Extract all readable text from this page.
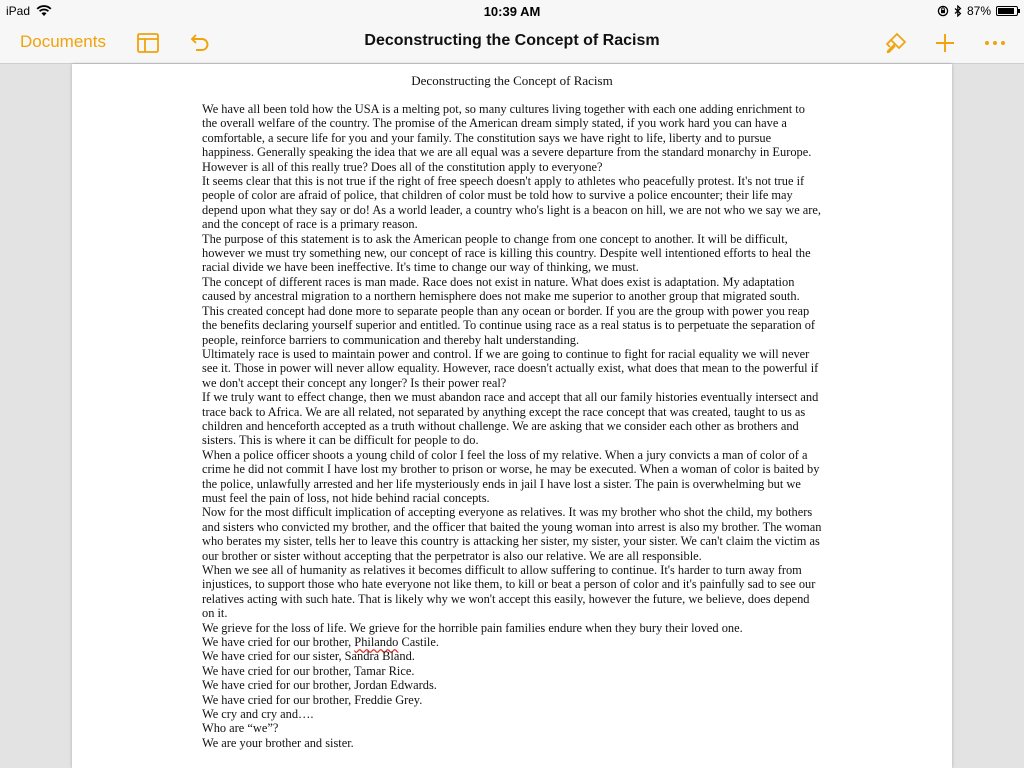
iPad	10:39 AM	87%
Documents	Deconstructing the Concept of Racism
Deconstructing the Concept of Racism

We have all been told how the USA is a melting pot, so many cultures living together with each one adding enrichment to the overall welfare of the country. The promise of the American dream simply stated, if you work hard you can have a comfortable, a secure life for you and your family. The constitution says we have right to life, liberty and to pursue happiness. Generally speaking the idea that we are all equal was a severe departure from the standard monarchy in Europe. However is all of this really true? Does all of the constitution apply to everyone?

It seems clear that this is not true if the right of free speech doesn't apply to athletes who peacefully protest. It's not true if people of color are afraid of police, that children of color must be told how to survive a police encounter; their life may depend upon what they say or do! As a world leader, a country who's light is a beacon on hill, we are not who we say we are, and the concept of race is a primary reason.

The purpose of this statement is to ask the American people to change from one concept to another. It will be difficult, however we must try something new, our concept of race is killing this country. Despite well intentioned efforts to heal the racial divide we have been ineffective. It's time to change our way of thinking, we must.

The concept of different races is man made. Race does not exist in nature. What does exist is adaptation. My adaptation caused by ancestral migration to a northern hemisphere does not make me superior to another group that migrated south. This created concept had done more to separate people than any ocean or border. If you are the group with power you reap the benefits declaring yourself superior and entitled. To continue using race as a real status is to perpetuate the separation of people, reinforce barriers to communication and thereby halt understanding.

Ultimately race is used to maintain power and control. If we are going to continue to fight for racial equality we will never see it. Those in power will never allow equality. However, race doesn't actually exist, what does that mean to the powerful if we don't accept their concept any longer? Is their power real?

If we truly want to effect change, then we must abandon race and accept that all our family histories eventually intersect and trace back to Africa. We are all related, not separated by anything except the race concept that was created, taught to us as children and henceforth accepted as a truth without challenge. We are asking that we consider each other as brothers and sisters. This is where it can be difficult for people to do.

When a police officer shoots a young child of color I feel the loss of my relative. When a jury convicts a man of color of a crime he did not commit I have lost my brother to prison or worse, he may be executed. When a woman of color is baited by the police, unlawfully arrested and her life mysteriously ends in jail I have lost a sister. The pain is overwhelming but we must feel the pain of loss, not hide behind racial concepts.

Now for the most difficult implication of accepting everyone as relatives. It was my brother who shot the child, my bothers and sisters who convicted my brother, and the officer that baited the young woman into arrest is also my brother. The woman who berates my sister, tells her to leave this country is attacking her sister, my sister, your sister. We can't claim the victim as our brother or sister without accepting that the perpetrator is also our relative. We are all responsible.

When we see all of humanity as relatives it becomes difficult to allow suffering to continue. It's harder to turn away from injustices, to support those who hate everyone not like them, to kill or beat a person of color and it's painfully sad to see our relatives acting with such hate. That is likely why we won't accept this easily, however the future, we believe, does depend on it.

We grieve for the loss of life. We grieve for the horrible pain families endure when they bury their loved one.

We have cried for our brother, Philando Castile.

We have cried for our sister, Sandra Bland.

We have cried for our brother, Tamar Rice.

We have cried for our brother, Jordan Edwards.

We have cried for our brother, Freddie Grey.

We cry and cry and….

Who are “we”?

We are your brother and sister.
